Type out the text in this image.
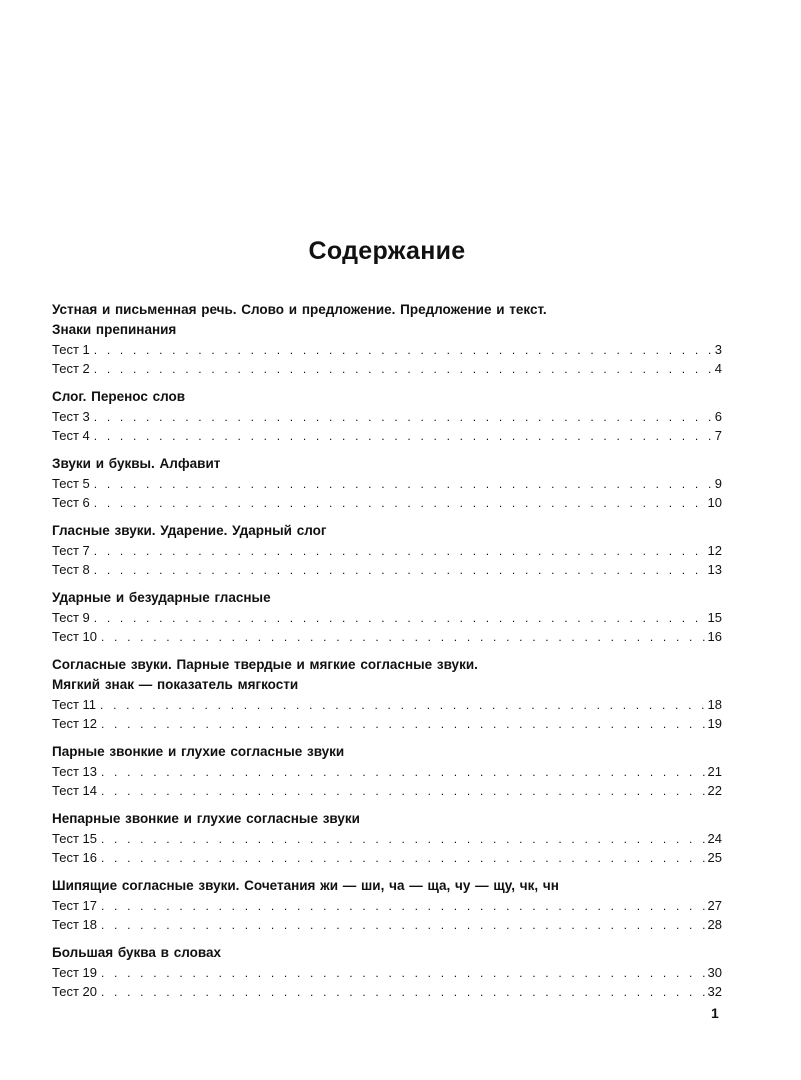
Содержание
Устная и письменная речь. Слово и предложение. Предложение и текст.
Знаки препинания
Тест 1 . . .	3
Тест 2 . . .	4
Слог. Перенос слов
Тест 3 . . .	6
Тест 4 . . .	7
Звуки и буквы. Алфавит
Тест 5 . . .	9
Тест 6 . . .	10
Гласные звуки. Ударение. Ударный слог
Тест 7 . . .	12
Тест 8 . . .	13
Ударные и безударные гласные
Тест 9 . . .	15
Тест 10 . . .	16
Согласные звуки. Парные твердые и мягкие согласные звуки.
Мягкий знак — показатель мягкости
Тест 11 . . .	18
Тест 12 . . .	19
Парные звонкие и глухие согласные звуки
Тест 13 . . .	21
Тест 14 . . .	22
Непарные звонкие и глухие согласные звуки
Тест 15 . . .	24
Тест 16 . . .	25
Шипящие согласные звуки. Сочетания жи — ши, ча — ща, чу — щу, чк, чн
Тест 17 . . .	27
Тест 18 . . .	28
Большая буква в словах
Тест 19 . . .	30
Тест 20 . . .	32
1
